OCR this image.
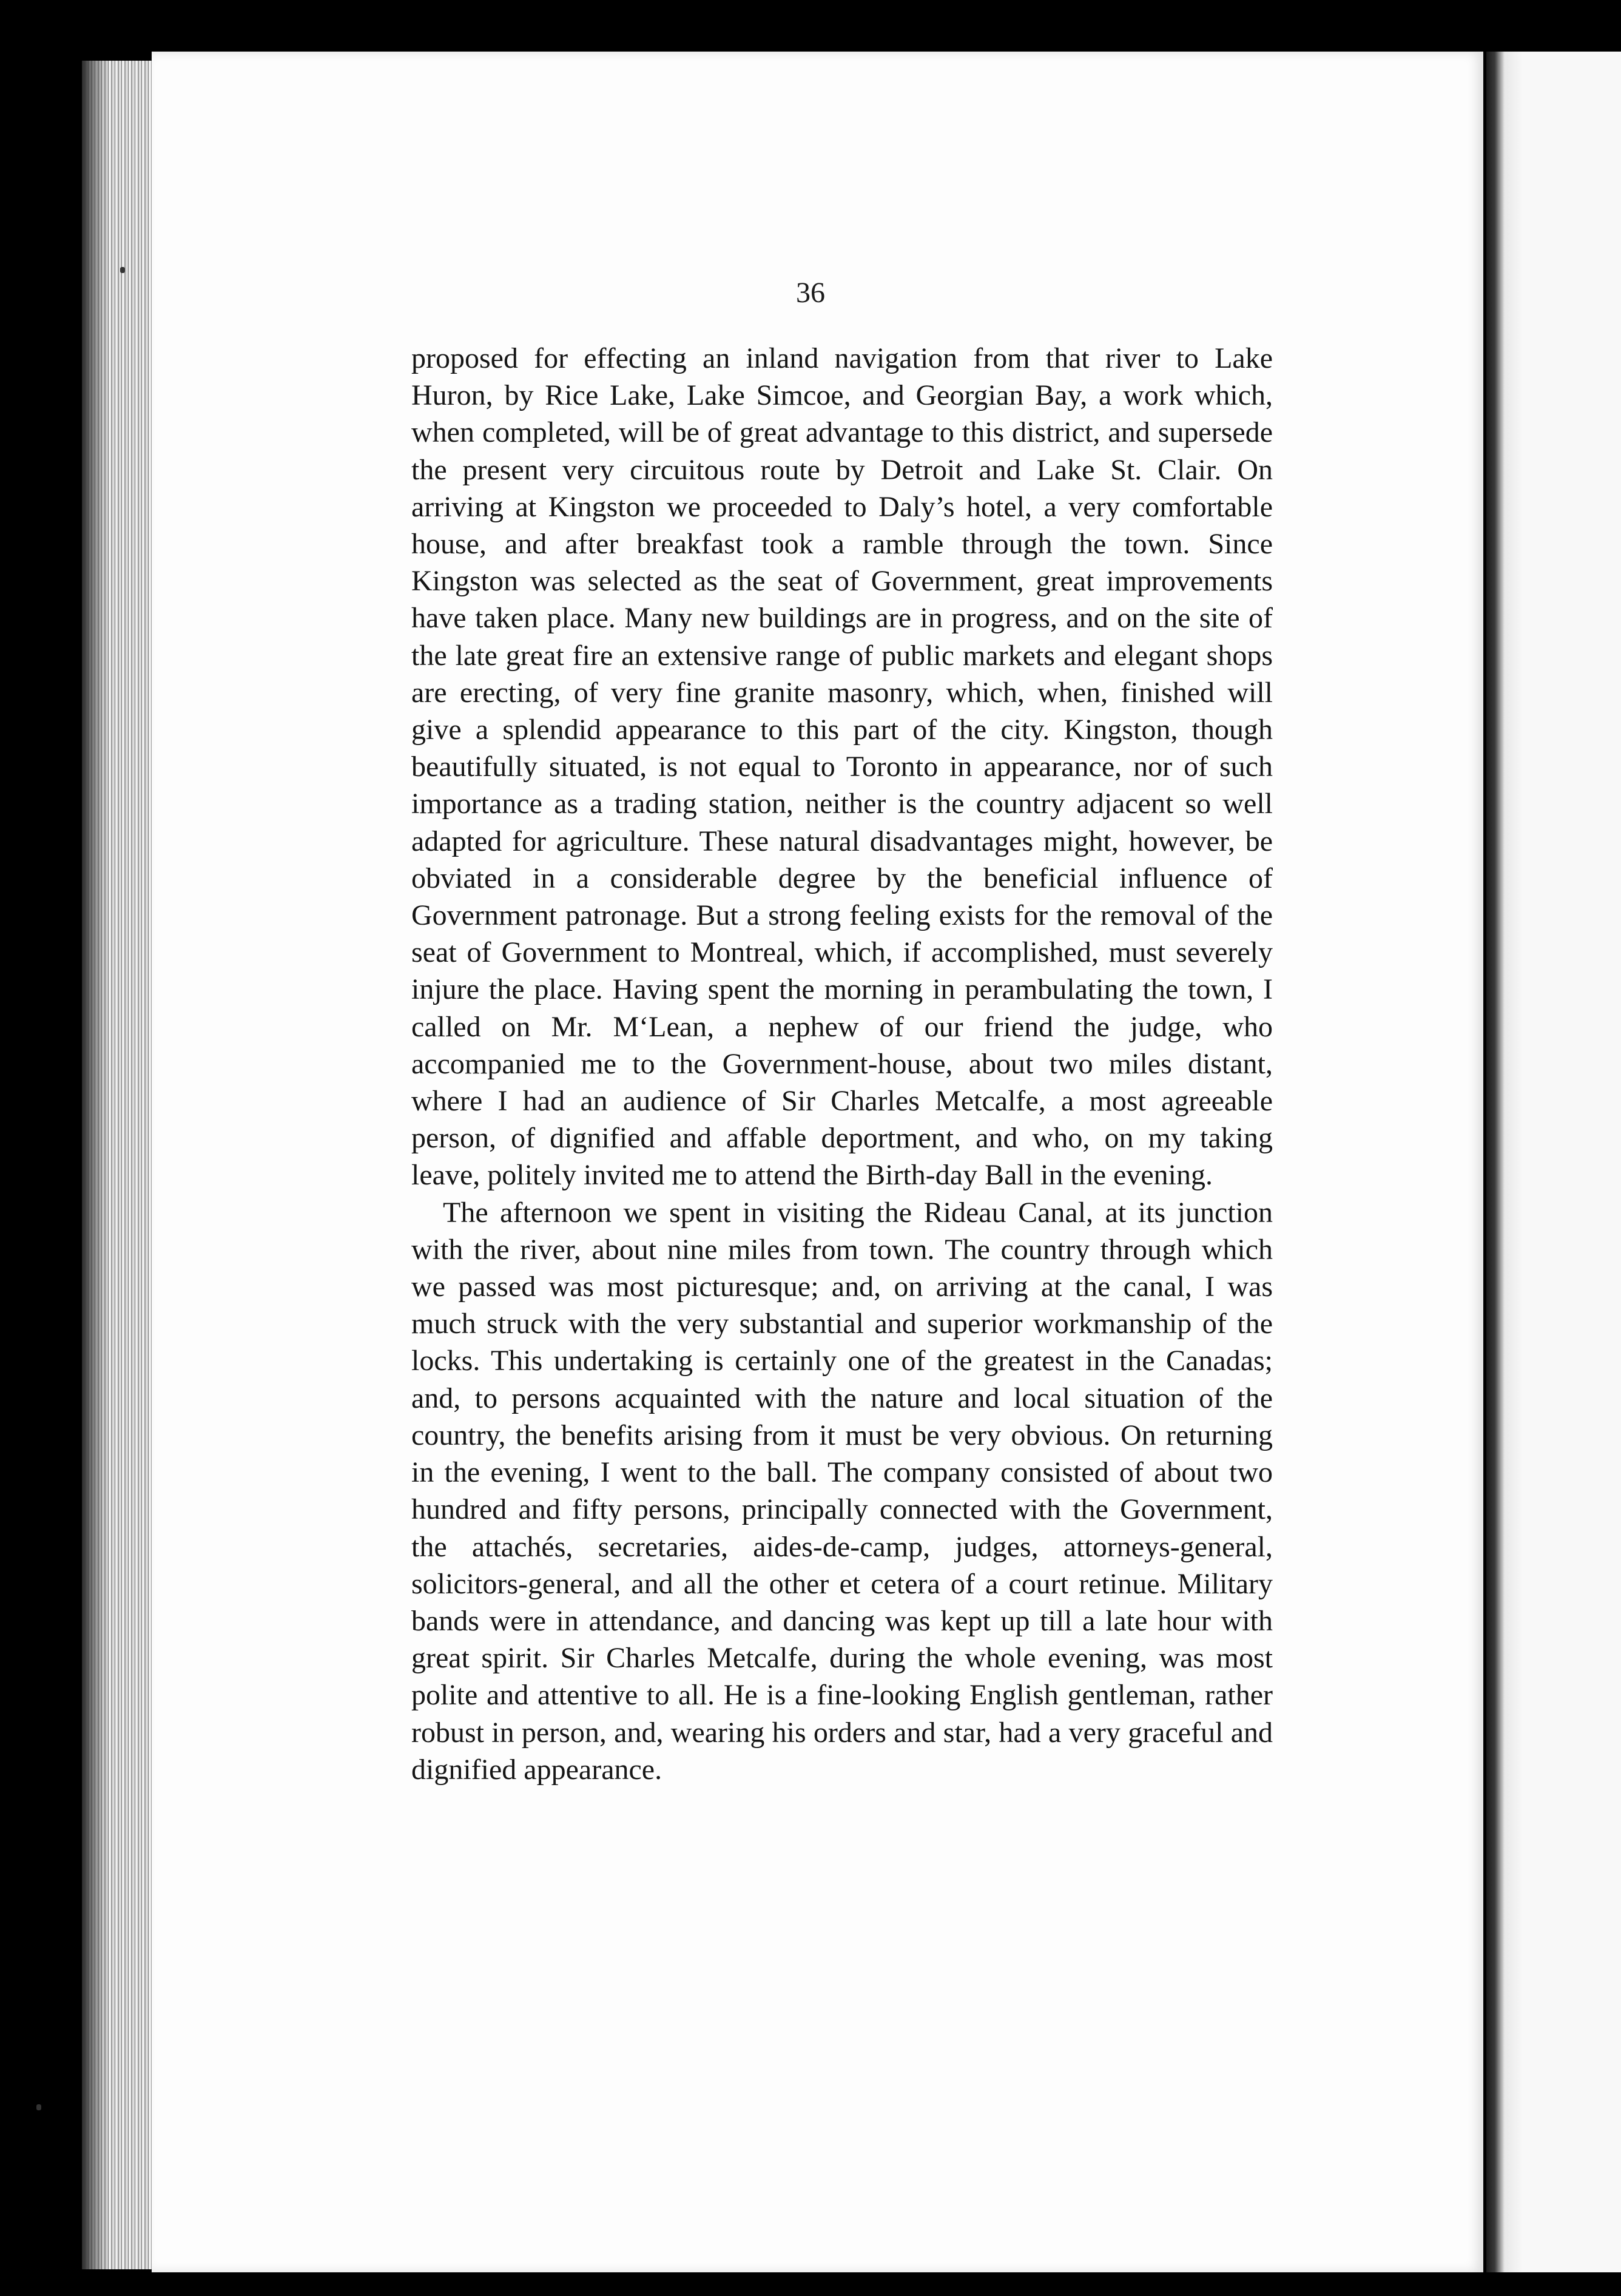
36

proposed for effecting an inland navigation from that river to Lake Huron, by Rice Lake, Lake Simcoe, and Georgian Bay, a work which, when completed, will be of great advantage to this district, and supersede the present very circuitous route by Detroit and Lake St. Clair. On arriving at Kingston we proceeded to Daly’s hotel, a very comfortable house, and after breakfast took a ramble through the town. Since Kingston was selected as the seat of Government, great improvements have taken place. Many new buildings are in progress, and on the site of the late great fire an extensive range of public markets and elegant shops are erecting, of very fine granite masonry, which, when, finished will give a splendid appearance to this part of the city. Kingston, though beautifully situated, is not equal to Toronto in appearance, nor of such importance as a trading station, neither is the country adjacent so well adapted for agriculture. These natural disadvantages might, however, be obviated in a considerable degree by the beneficial influence of Government patronage. But a strong feeling exists for the removal of the seat of Government to Montreal, which, if accomplished, must severely injure the place. Having spent the morning in perambulating the town, I called on Mr. M‘Lean, a nephew of our friend the judge, who accompanied me to the Government-house, about two miles distant, where I had an audience of Sir Charles Metcalfe, a most agreeable person, of dignified and affable deportment, and who, on my taking leave, politely invited me to attend the Birth-day Ball in the evening.

The afternoon we spent in visiting the Rideau Canal, at its junction with the river, about nine miles from town. The country through which we passed was most picturesque; and, on arriving at the canal, I was much struck with the very substantial and superior workmanship of the locks. This undertaking is certainly one of the greatest in the Canadas; and, to persons acquainted with the nature and local situation of the country, the benefits arising from it must be very obvious. On returning in the evening, I went to the ball. The company consisted of about two hundred and fifty persons, principally connected with the Government, the attachés, secretaries, aides-de-camp, judges, attorneys-general, solicitors-general, and all the other et cetera of a court retinue. Military bands were in attendance, and dancing was kept up till a late hour with great spirit. Sir Charles Metcalfe, during the whole evening, was most polite and attentive to all. He is a fine-looking English gentleman, rather robust in person, and, wearing his orders and star, had a very graceful and dignified appearance.
